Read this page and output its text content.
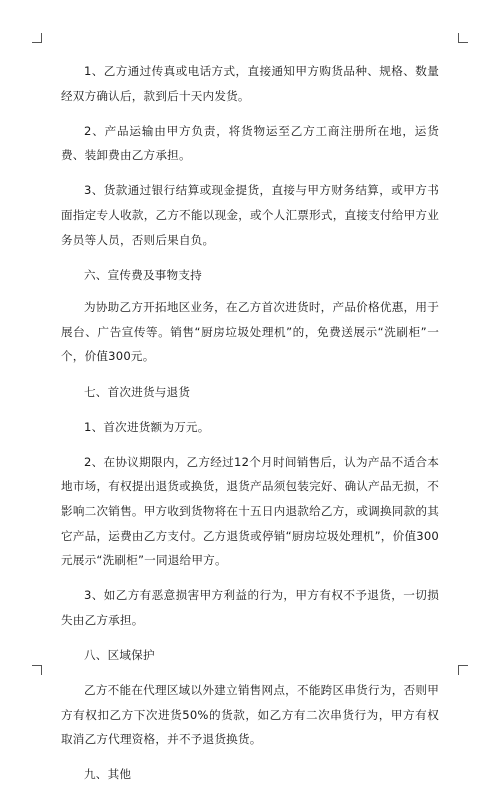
1、乙方通过传真或电话方式，直接通知甲方购货品种、规格、数量经双方确认后，款到后十天内发货。

2、产品运输由甲方负责，将货物运至乙方工商注册所在地，运货费、装卸费由乙方承担。

3、货款通过银行结算或现金提货，直接与甲方财务结算，或甲方书面指定专人收款，乙方不能以现金，或个人汇票形式，直接支付给甲方业务员等人员，否则后果自负。

六、宣传费及事物支持

为协助乙方开拓地区业务，在乙方首次进货时，产品价格优惠，用于展台、广告宣传等。销售“厨房垃圾处理机”的，免费送展示“洗刷柜”一个，价值300元。

七、首次进货与退货

1、首次进货额为万元。

2、在协议期限内，乙方经过12个月时间销售后，认为产品不适合本地市场，有权提出退货或换货，退货产品须包装完好、确认产品无损，不影响二次销售。甲方收到货物将在十五日内退款给乙方，或调换同款的其它产品，运费由乙方支付。乙方退货或停销“厨房垃圾处理机”，价值300元展示“洗刷柜”一同退给甲方。

3、如乙方有恶意损害甲方利益的行为，甲方有权不予退货，一切损失由乙方承担。

八、区域保护

乙方不能在代理区域以外建立销售网点，不能跨区串货行为，否则甲方有权扣乙方下次进货50%的货款，如乙方有二次串货行为，甲方有权取消乙方代理资格，并不予退货换货。

九、其他
